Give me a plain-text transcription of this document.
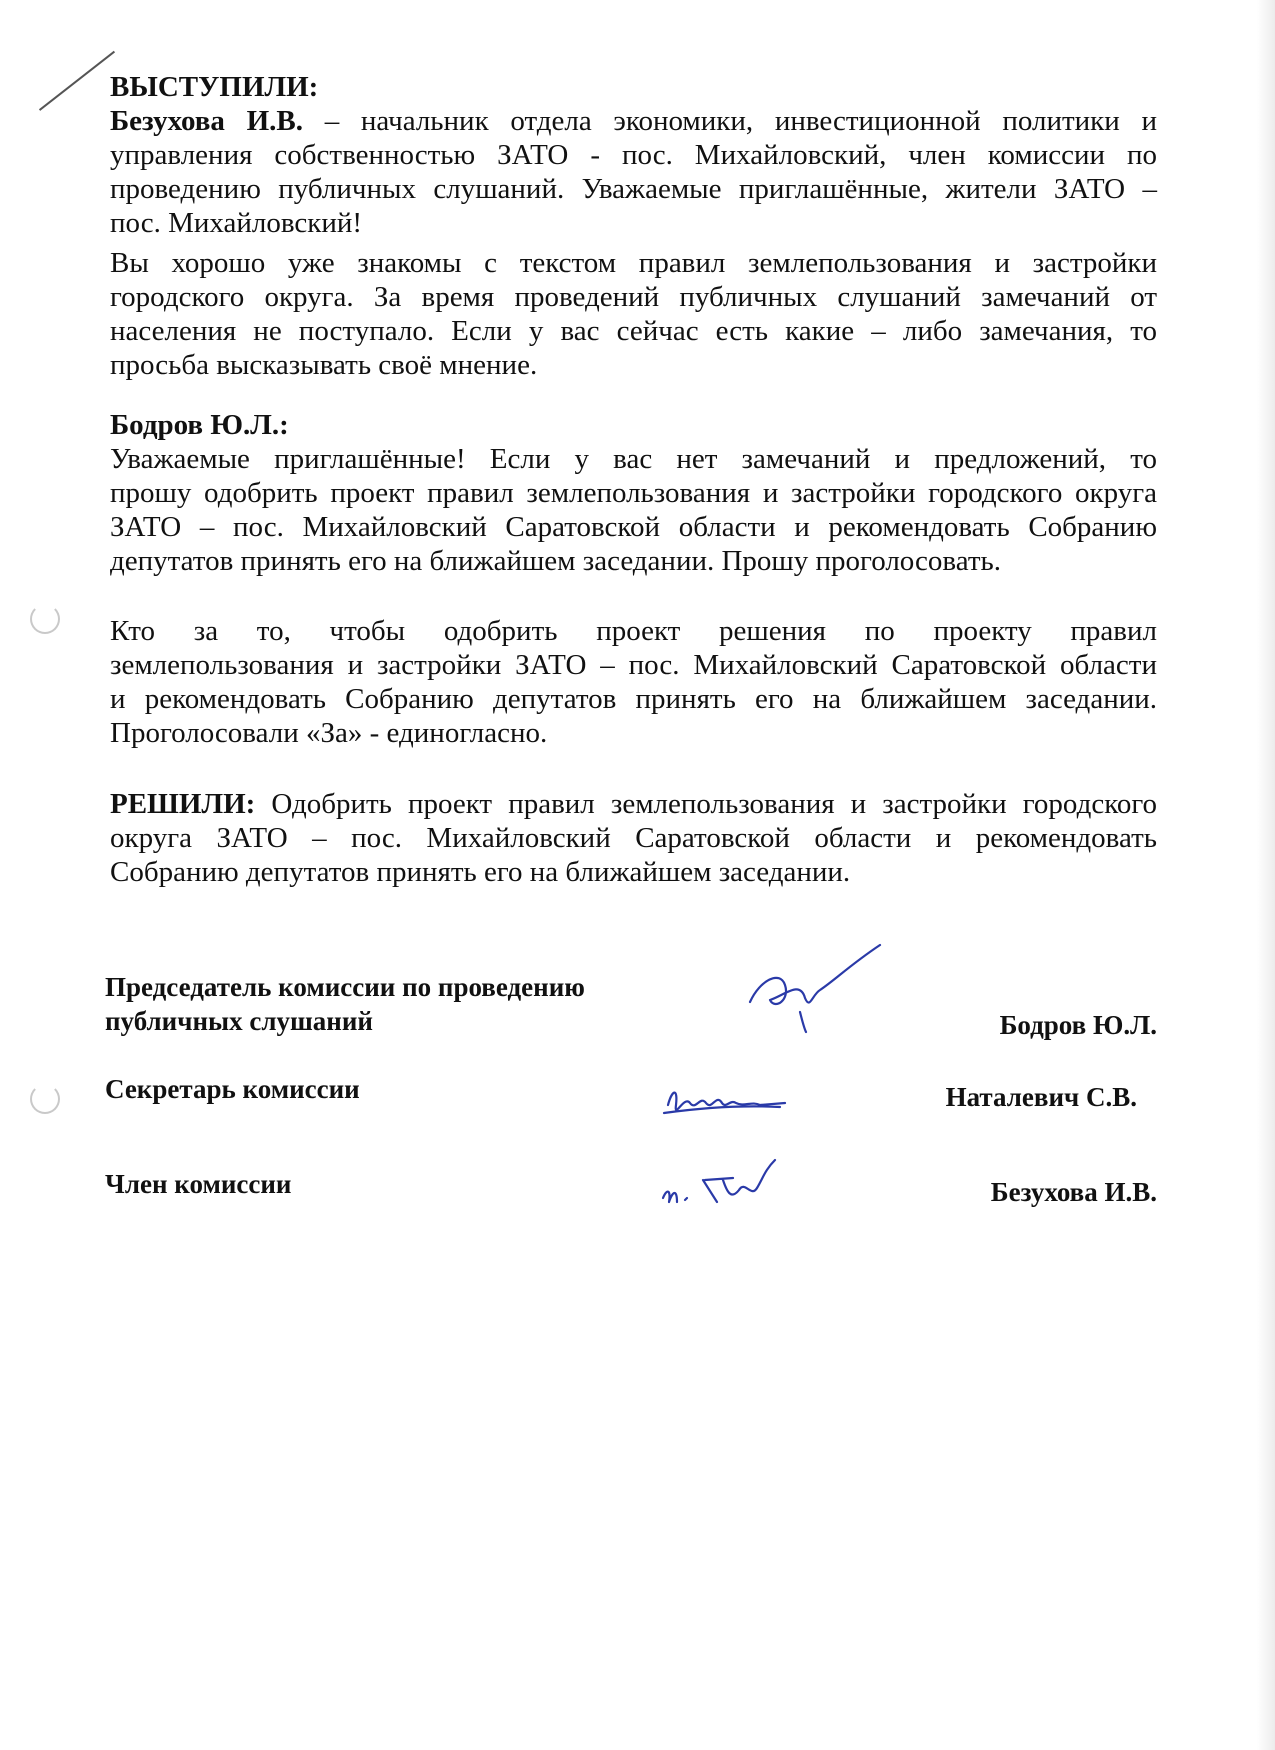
ВЫСТУПИЛИ:
Безухова И.В. – начальник отдела экономики, инвестиционной политики и
управления собственностью ЗАТО - пос. Михайловский, член комиссии по
проведению публичных слушаний. Уважаемые приглашённые, жители ЗАТО –
пос. Михайловский!
Вы хорошо уже знакомы с текстом правил землепользования и застройки
городского округа. За время проведений публичных слушаний замечаний от
населения не поступало. Если у вас сейчас есть какие – либо замечания, то
просьба высказывать своё мнение.
Бодров Ю.Л.:
Уважаемые приглашённые! Если у вас нет замечаний и предложений, то
прошу одобрить проект правил землепользования и застройки городского округа
ЗАТО – пос. Михайловский Саратовской области и рекомендовать Собранию
депутатов принять его на ближайшем заседании. Прошу проголосовать.
Кто за то, чтобы одобрить проект решения по проекту правил
землепользования и застройки ЗАТО – пос. Михайловский Саратовской области
и рекомендовать Собранию депутатов принять его на ближайшем заседании.
Проголосовали «За» - единогласно.
РЕШИЛИ: Одобрить проект правил землепользования и застройки городского
округа ЗАТО – пос. Михайловский Саратовской области и рекомендовать
Собранию депутатов принять его на ближайшем заседании.
Председатель комиссии по проведению
публичных слушаний	Бодров Ю.Л.
Секретарь комиссии	Наталевич С.В.
Член комиссии	Безухова И.В.
